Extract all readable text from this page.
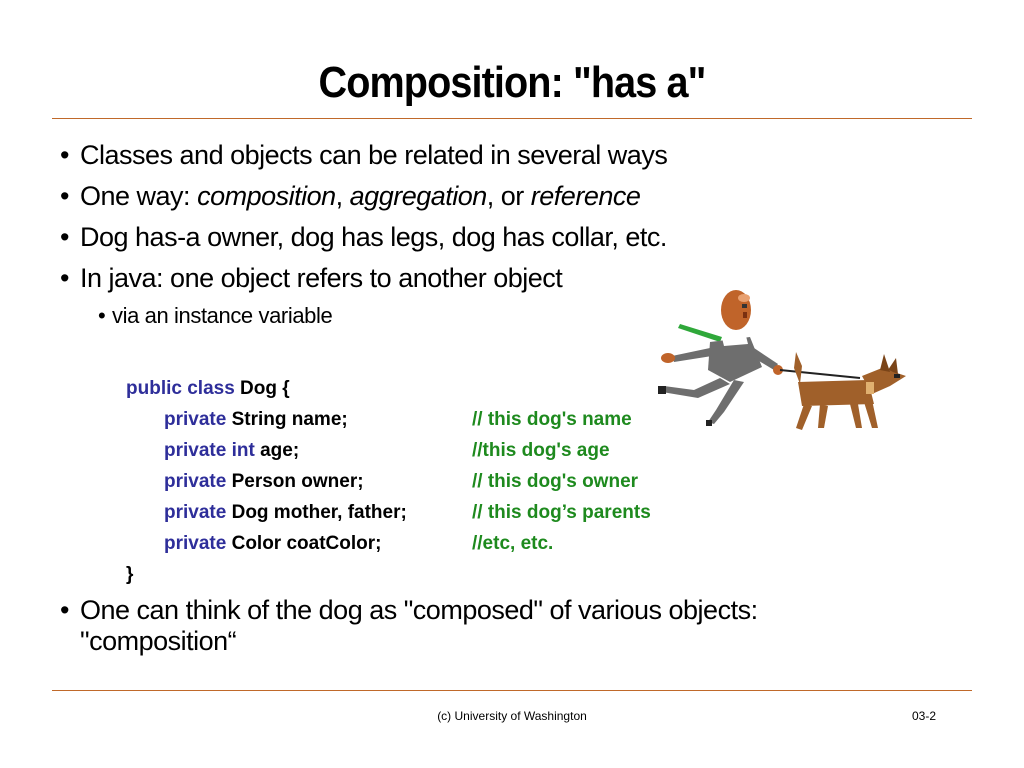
Composition: "has a"
• Classes and objects can be related in several ways
• One way: composition, aggregation, or reference
• Dog has-a owner, dog has legs, dog has collar, etc.
• In java: one object refers to another object
• via an instance variable
public class Dog {
private String name;	// this dog's name
private int age;	//this dog's age
private Person owner;	// this dog's owner
private Dog mother, father;	// this dog’s parents
private Color coatColor;	//etc, etc.
}
• One can think of the dog as "composed" of various objects:
"composition“
(c) University of Washington	03-2
